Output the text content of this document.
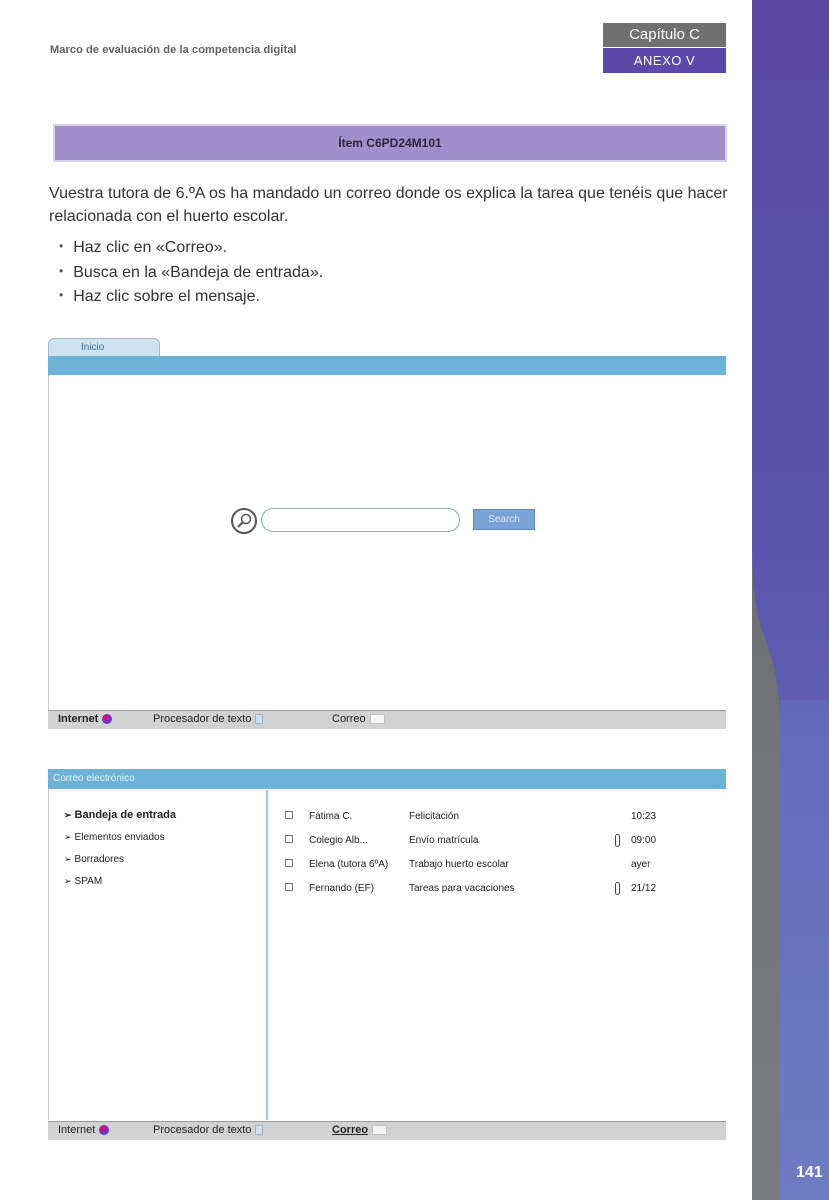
141
Marco de evaluación de la competencia digital
Capítulo C
ANEXO V
Ítem C6PD24M101

Vuestra tutora de 6.ºA os ha mandado un correo donde os explica la tarea que tenéis que hacer relacionada con el huerto escolar.

• Haz clic en «Correo».
• Busca en la «Bandeja de entrada».
• Haz clic sobre el mensaje.
Inicio
Search
Internet	Procesador de texto	Correo
Correo electrónico
➢ Bandeja de entrada
➢ Elementos enviados
➢ Borradores
➢ SPAM
	Fátima C.	Felicitación		10:23
	Colegio Alb...	Envío matrícula		09:00
	Elena (tutora 6ºA)	Trabajo huerto escolar		ayer
	Fernando (EF)	Tareas para vacaciones		21/12
Internet	Procesador de texto	Correo
